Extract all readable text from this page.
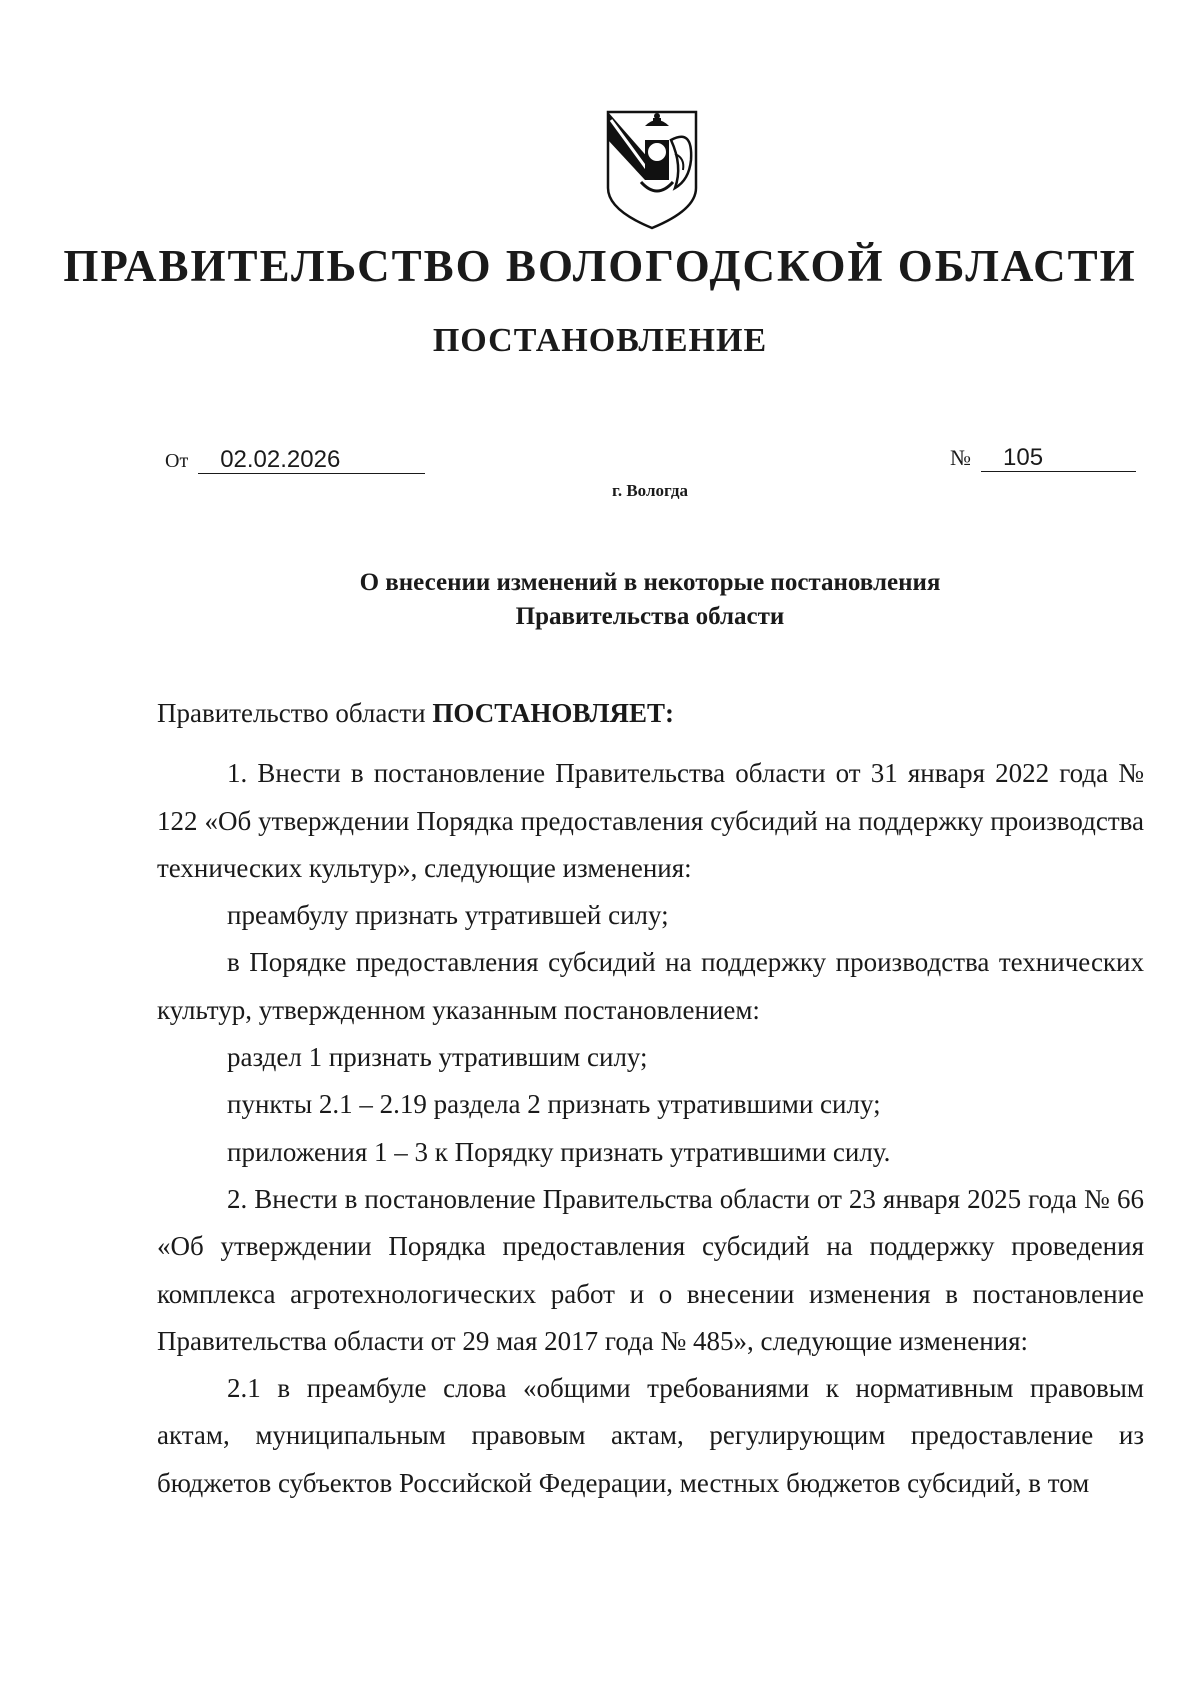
ПРАВИТЕЛЬСТВО ВОЛОГОДСКОЙ ОБЛАСТИ
ПОСТАНОВЛЕНИЕ
От 02.02.2026	№ 105
г. Вологда
О внесении изменений в некоторые постановления
Правительства области

Правительство области ПОСТАНОВЛЯЕТ:

1. Внести в постановление Правительства области от 31 января 2022 года № 122 «Об утверждении Порядка предоставления субсидий на поддержку производства технических культур», следующие изменения:

преамбулу признать утратившей силу;

в Порядке предоставления субсидий на поддержку производства технических культур, утвержденном указанным постановлением:

раздел 1 признать утратившим силу;

пункты 2.1 – 2.19 раздела 2 признать утратившими силу;

приложения 1 – 3 к Порядку признать утратившими силу.

2. Внести в постановление Правительства области от 23 января 2025 года № 66 «Об утверждении Порядка предоставления субсидий на поддержку проведения комплекса агротехнологических работ и о внесении изменения в постановление Правительства области от 29 мая 2017 года № 485», следующие изменения:

2.1 в преамбуле слова «общими требованиями к нормативным правовым актам, муниципальным правовым актам, регулирующим предоставление из бюджетов субъектов Российской Федерации, местных бюджетов субсидий, в том
